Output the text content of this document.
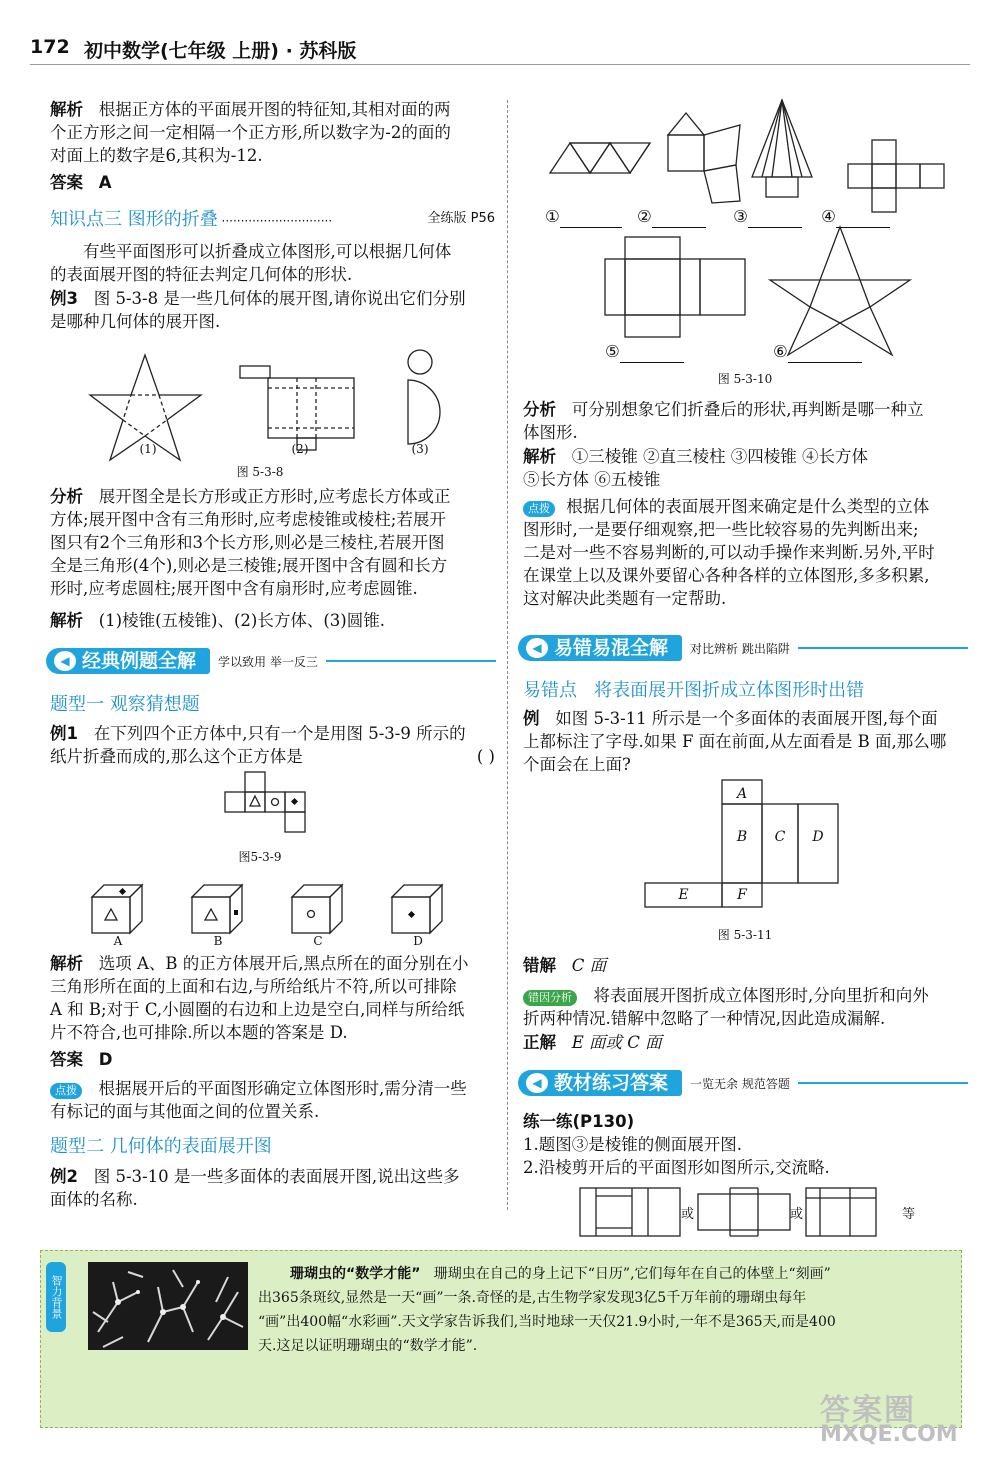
172 初中数学(七年级 上册) · 苏科版
解析 根据正方体的平面展开图的特征知,其相对面的两
个正方形之间一定相隔一个正方形,所以数字为-2的面的
对面上的数字是6,其积为-12.
答案 A
知识点三 图形的折叠 ·····························	全练版 P56
有些平面图形可以折叠成立体图形,可以根据几何体
的表面展开图的特征去判定几何体的形状.
例3 图 5-3-8 是一些几何体的展开图,请你说出它们分别
是哪种几何体的展开图.
(1)	(2)	(3)
图 5-3-8
分析 展开图全是长方形或正方形时,应考虑长方体或正
方体;展开图中含有三角形时,应考虑棱锥或棱柱;若展开
图只有2个三角形和3个长方形,则必是三棱柱,若展开图
全是三角形(4个),则必是三棱锥;展开图中含有圆和长方
形时,应考虑圆柱;展开图中含有扇形时,应考虑圆锥.
解析 (1)棱锥(五棱锥)、(2)长方体、(3)圆锥.
◀ 经典例题全解 学以致用 举一反三
题型一 观察猜想题
例1 在下列四个正方体中,只有一个是用图 5-3-9 所示的
纸片折叠而成的,那么这个正方体是	( )
图5-3-9
A	B	C	D
解析 选项 A、B 的正方体展开后,黑点所在的面分别在小
三角形所在面的上面和右边,与所给纸片不符,所以可排除
A 和 B;对于 C,小圆圈的右边和上边是空白,同样与所给纸
片不符合,也可排除.所以本题的答案是 D.
答案 D
点拨 根据展开后的平面图形确定立体图形时,需分清一些
有标记的面与其他面之间的位置关系.
题型二 几何体的表面展开图
例2 图 5-3-10 是一些多面体的表面展开图,说出这些多
面体的名称.
①	②	③	④
⑤	⑥
图 5-3-10
分析 可分别想象它们折叠后的形状,再判断是哪一种立
体图形.
解析 ①三棱锥 ②直三棱柱 ③四棱锥 ④长方体
⑤长方体 ⑥五棱锥
点拨 根据几何体的表面展开图来确定是什么类型的立体
图形时,一是要仔细观察,把一些比较容易的先判断出来;
二是对一些不容易判断的,可以动手操作来判断.另外,平时
在课堂上以及课外要留心各种各样的立体图形,多多积累,
这对解决此类题有一定帮助.
◀ 易错易混全解 对比辨析 跳出陷阱
易错点 将表面展开图折成立体图形时出错
例 如图 5-3-11 所示是一个多面体的表面展开图,每个面
上都标注了字母.如果 F 面在前面,从左面看是 B 面,那么哪
个面会在上面?
A
B	C	D
E	F
图 5-3-11
错解 C 面
错因分析 将表面展开图折成立体图形时,分向里折和向外
折两种情况.错解中忽略了一种情况,因此造成漏解.
正解 E 面或 C 面
◀ 教材练习答案 一览无余 规范答题
练一练(P130)
1.题图③是棱锥的侧面展开图.
2.沿棱剪开后的平面图形如图所示,交流略.
或	或	等
智力背景
珊瑚虫的“数学才能” 珊瑚虫在自己的身上记下“日历”,它们每年在自己的体壁上“刻画”
出365条斑纹,显然是一天“画”一条.奇怪的是,古生物学家发现3亿5千万年前的珊瑚虫每年
“画”出400幅“水彩画”.天文学家告诉我们,当时地球一天仅21.9小时,一年不是365天,而是400
天.这足以证明珊瑚虫的“数学才能”.
答案圈
MXQE.COM
